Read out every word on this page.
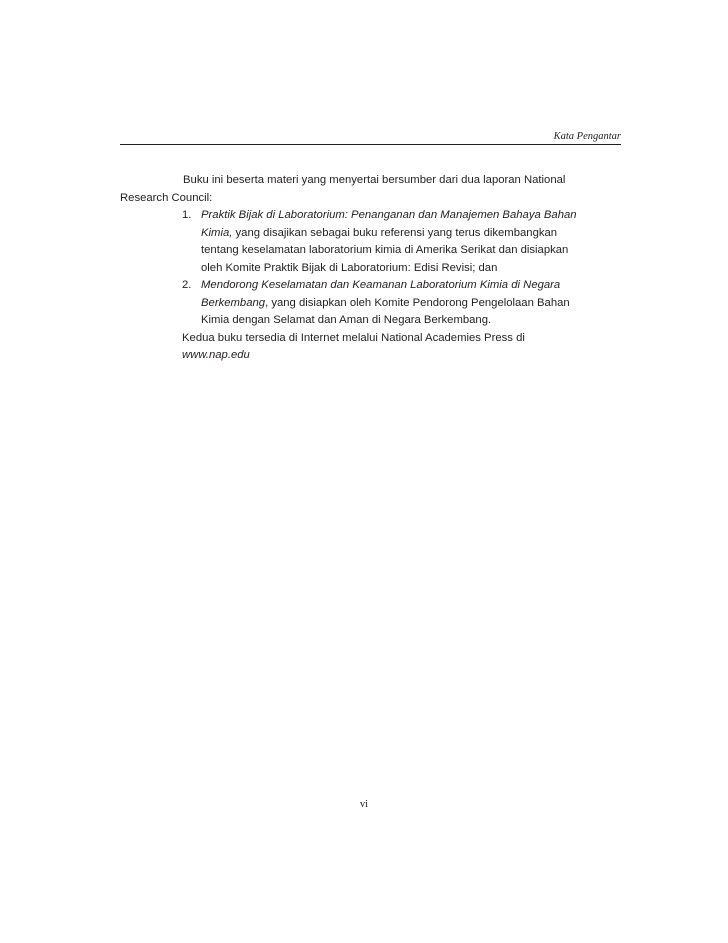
Kata Pengantar

Buku ini beserta materi yang menyertai bersumber dari dua laporan National Research Council:

1. Praktik Bijak di Laboratorium: Penanganan dan Manajemen Bahaya Bahan Kimia, yang disajikan sebagai buku referensi yang terus dikembangkan tentang keselamatan laboratorium kimia di Amerika Serikat dan disiapkan oleh Komite Praktik Bijak di Laboratorium: Edisi Revisi; dan
2. Mendorong Keselamatan dan Keamanan Laboratorium Kimia di Negara Berkembang, yang disiapkan oleh Komite Pendorong Pengelolaan Bahan Kimia dengan Selamat dan Aman di Negara Berkembang.

Kedua buku tersedia di Internet melalui National Academies Press di www.nap.edu

vi
